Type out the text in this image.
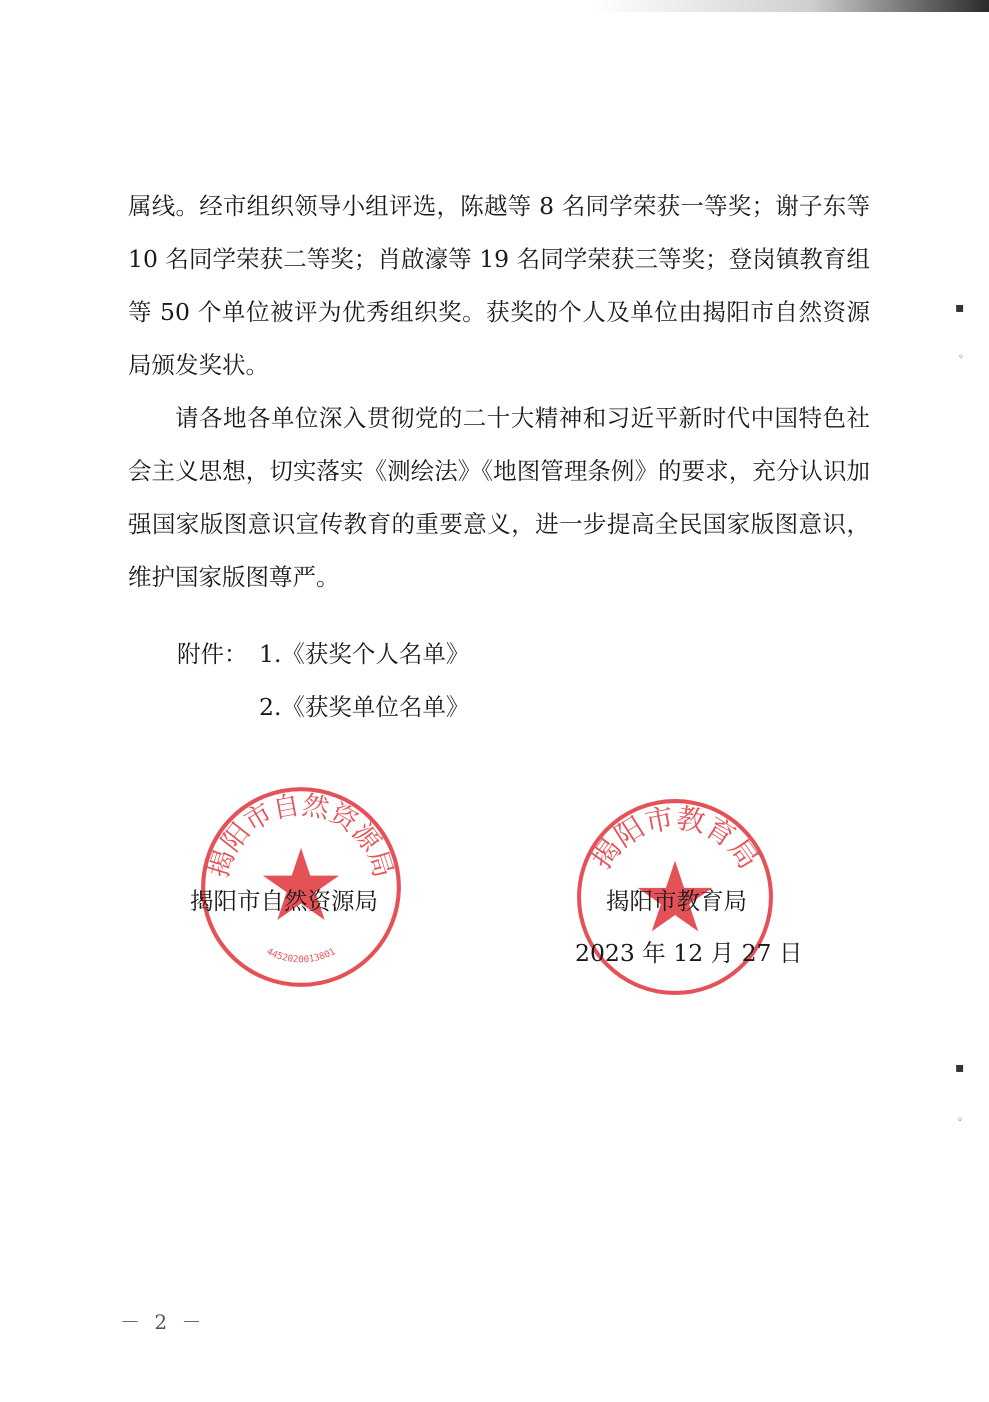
属线。经市组织领导小组评选，陈越等 8 名同学荣获一等奖；谢子东等 10 名同学荣获二等奖；肖啟濠等 19 名同学荣获三等奖；登岗镇教育组等 50 个单位被评为优秀组织奖。获奖的个人及单位由揭阳市自然资源局颁发奖状。

请各地各单位深入贯彻党的二十大精神和习近平新时代中国特色社会主义思想，切实落实《测绘法》《地图管理条例》的要求，充分认识加强国家版图意识宣传教育的重要意义，进一步提高全民国家版图意识，维护国家版图尊严。

附件： 1.《获奖个人名单》
2.《获奖单位名单》
揭阳市自然资源局
4452020013801
揭阳市教育局
揭阳市自然资源局	揭阳市教育局
2023 年 12 月 27 日
▪
◦
▪
◦
－ 2 －
